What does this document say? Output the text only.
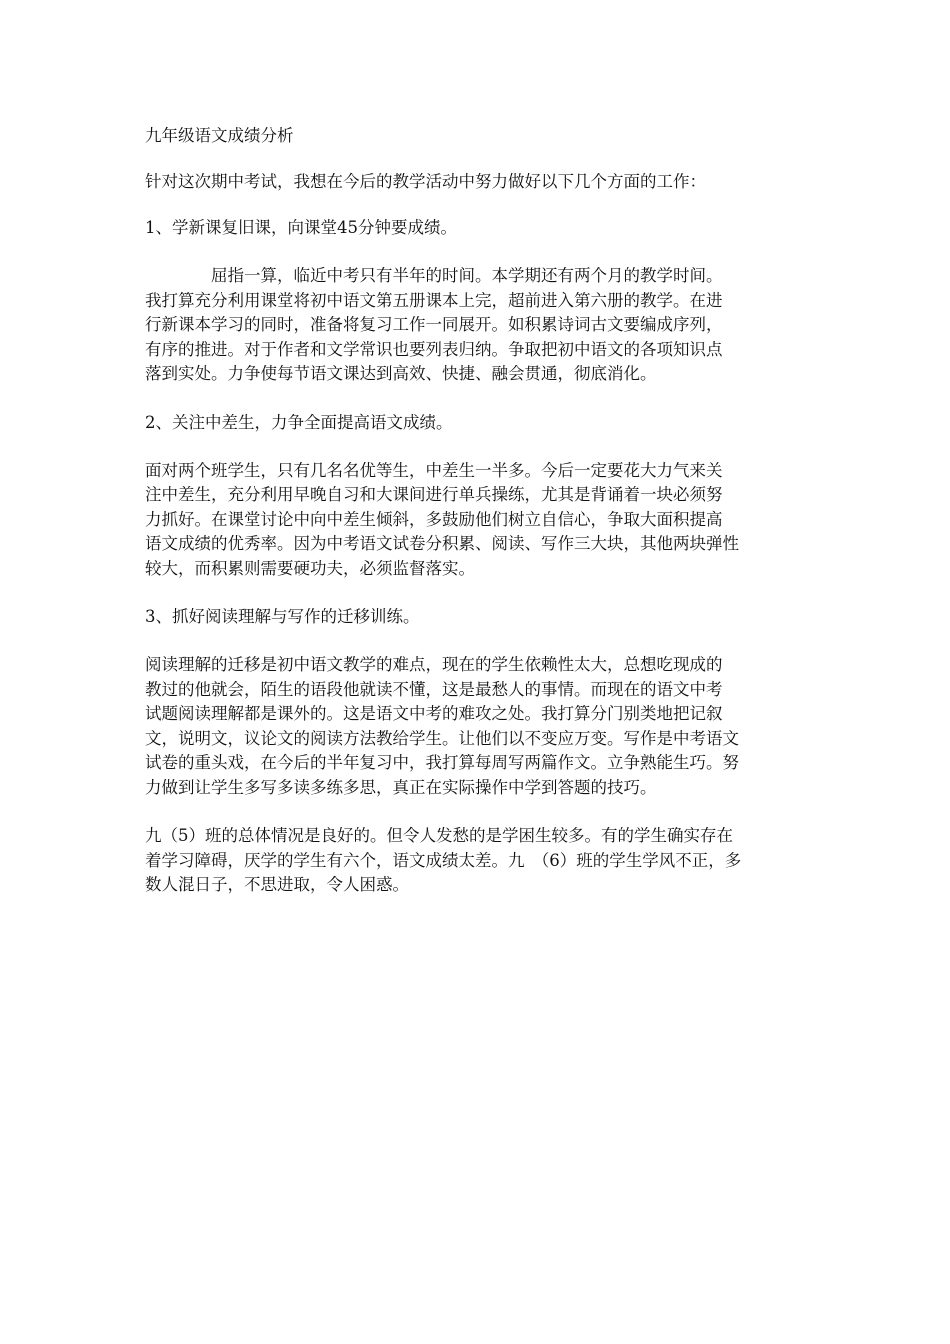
九年级语文成绩分析

针对这次期中考试，我想在今后的教学活动中努力做好以下几个方面的工作：

1、学新课复旧课，向课堂45分钟要成绩。

屈指一算，临近中考只有半年的时间。本学期还有两个月的教学时间。

我打算充分利用课堂将初中语文第五册课本上完，超前进入第六册的教学。在进

行新课本学习的同时，准备将复习工作一同展开。如积累诗词古文要编成序列，

有序的推进。对于作者和文学常识也要列表归纳。争取把初中语文的各项知识点

落到实处。力争使每节语文课达到高效、快捷、融会贯通，彻底消化。

2、关注中差生，力争全面提高语文成绩。

面对两个班学生，只有几名名优等生，中差生一半多。今后一定要花大力气来关

注中差生，充分利用早晚自习和大课间进行单兵操练，尤其是背诵着一块必须努

力抓好。在课堂讨论中向中差生倾斜，多鼓励他们树立自信心，争取大面积提高

语文成绩的优秀率。因为中考语文试卷分积累、阅读、写作三大块，其他两块弹性

较大，而积累则需要硬功夫，必须监督落实。

3、抓好阅读理解与写作的迁移训练。

阅读理解的迁移是初中语文教学的难点，现在的学生依赖性太大，总想吃现成的

教过的他就会，陌生的语段他就读不懂，这是最愁人的事情。而现在的语文中考

试题阅读理解都是课外的。这是语文中考的难攻之处。我打算分门别类地把记叙

文，说明文，议论文的阅读方法教给学生。让他们以不变应万变。写作是中考语文

试卷的重头戏，在今后的半年复习中，我打算每周写两篇作文。立争熟能生巧。努

力做到让学生多写多读多练多思，真正在实际操作中学到答题的技巧。

九（5）班的总体情况是良好的。但令人发愁的是学困生较多。有的学生确实存在

着学习障碍，厌学的学生有六个，语文成绩太差。九　（6）班的学生学风不正，多

数人混日子，不思进取，令人困惑。
